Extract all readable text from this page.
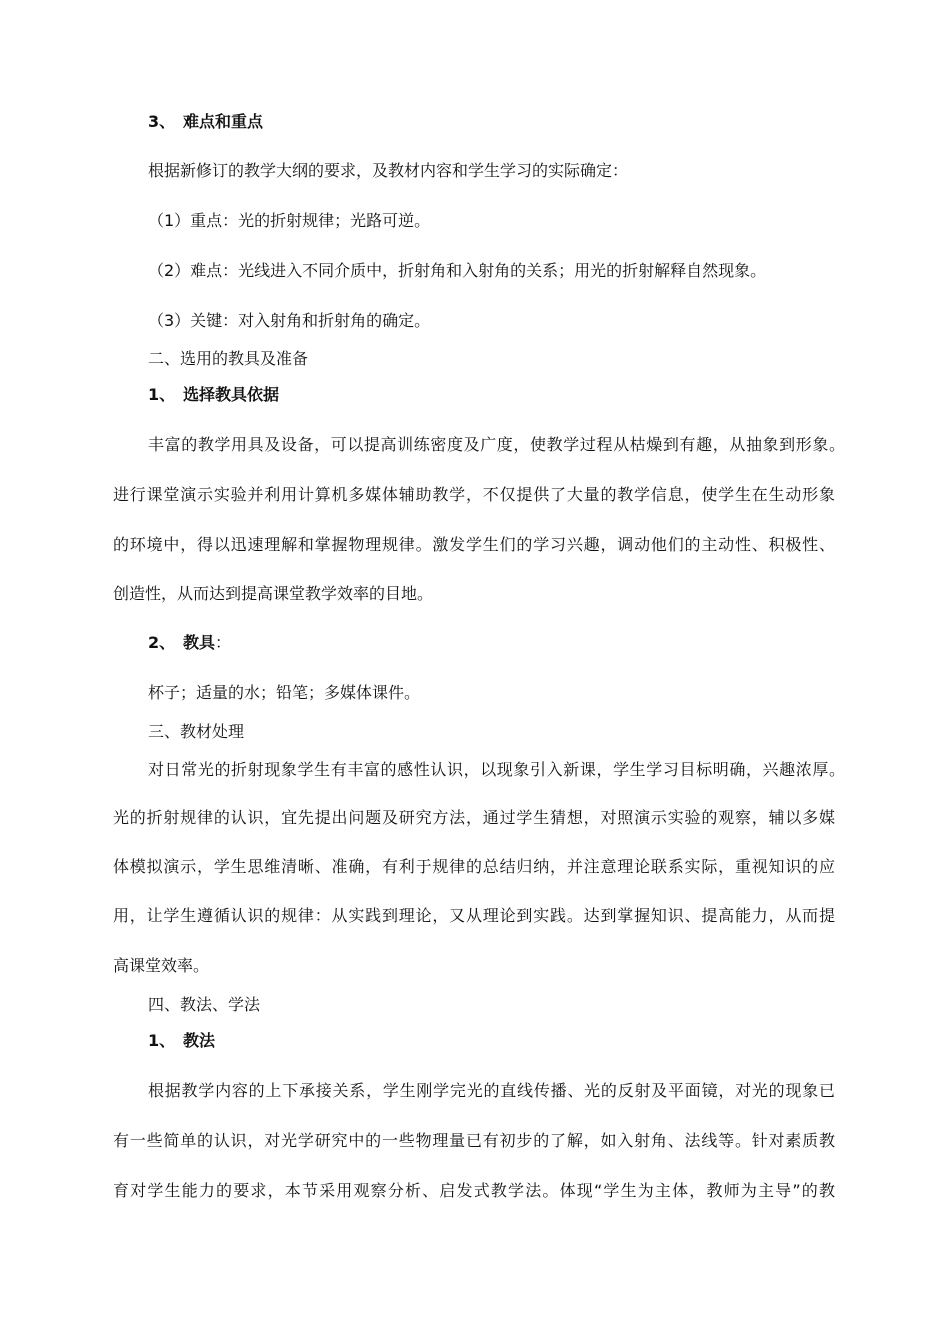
3、 难点和重点
根据新修订的教学大纲的要求，及教材内容和学生学习的实际确定：
（1）重点：光的折射规律；光路可逆。
（2）难点：光线进入不同介质中，折射角和入射角的关系；用光的折射解释自然现象。
（3）关键：对入射角和折射角的确定。
二、选用的教具及准备
1、 选择教具依据
丰富的教学用具及设备，可以提高训练密度及广度，使教学过程从枯燥到有趣，从抽象到形象。
进行课堂演示实验并利用计算机多媒体辅助教学，不仅提供了大量的教学信息，使学生在生动形象
的环境中，得以迅速理解和掌握物理规律。激发学生们的学习兴趣，调动他们的主动性、积极性、
创造性，从而达到提高课堂教学效率的目地。
2、 教具：
杯子；适量的水；铅笔；多媒体课件。
三、教材处理
对日常光的折射现象学生有丰富的感性认识，以现象引入新课，学生学习目标明确，兴趣浓厚。
光的折射规律的认识，宜先提出问题及研究方法，通过学生猜想，对照演示实验的观察，辅以多媒
体模拟演示，学生思维清晰、准确，有利于规律的总结归纳，并注意理论联系实际，重视知识的应
用，让学生遵循认识的规律：从实践到理论，又从理论到实践。达到掌握知识、提高能力，从而提
高课堂效率。
四、教法、学法
1、 教法
根据教学内容的上下承接关系，学生刚学完光的直线传播、光的反射及平面镜，对光的现象已
有一些简单的认识，对光学研究中的一些物理量已有初步的了解，如入射角、法线等。针对素质教
育对学生能力的要求，本节采用观察分析、启发式教学法。体现“学生为主体，教师为主导”的教
